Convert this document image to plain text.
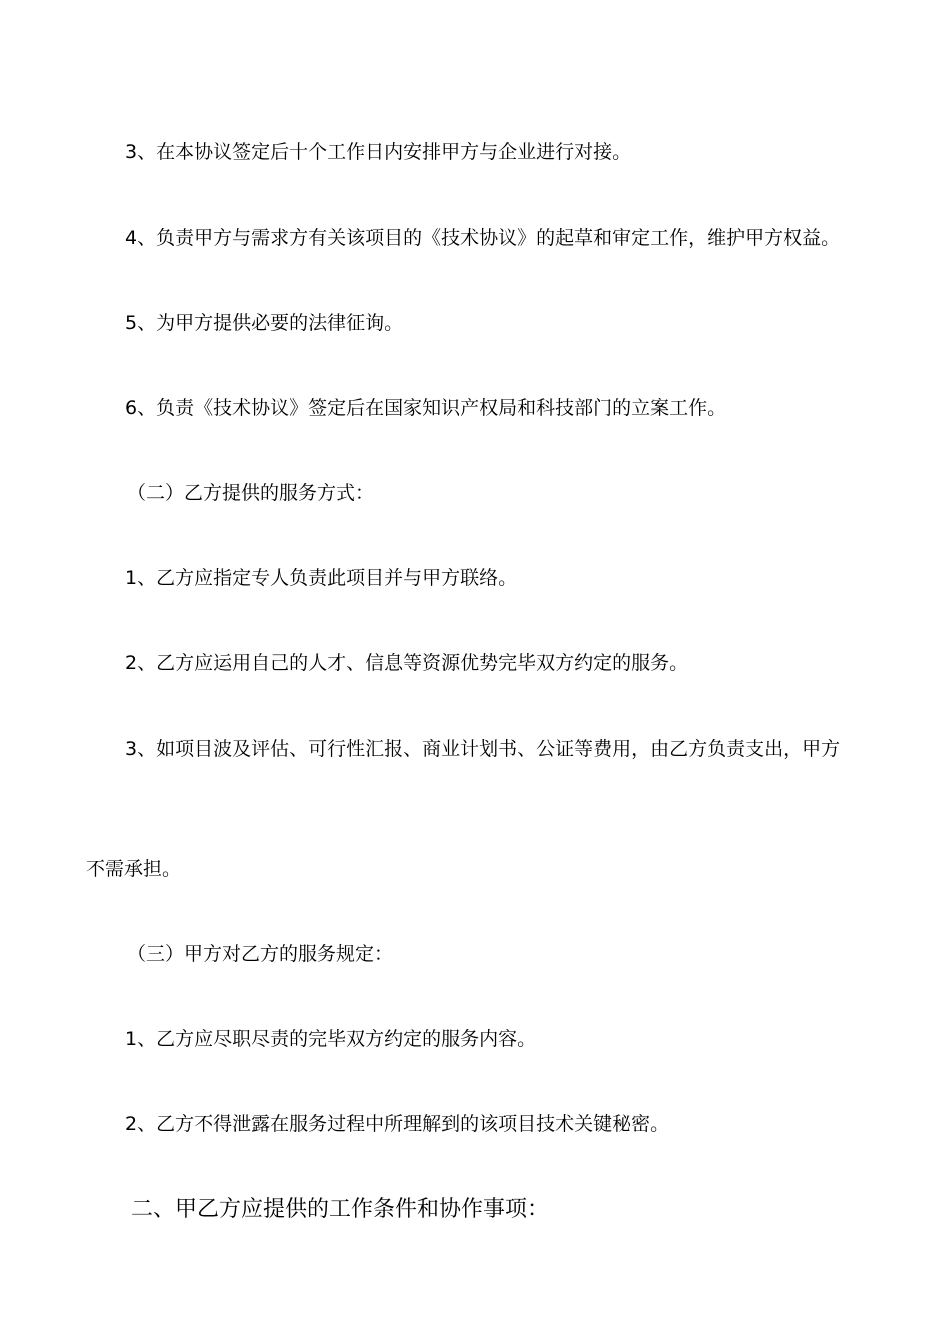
3、在本协议签定后十个工作日内安排甲方与企业进行对接。

4、负责甲方与需求方有关该项目的《技术协议》的起草和审定工作，维护甲方权益。

5、为甲方提供必要的法律征询。

6、负责《技术协议》签定后在国家知识产权局和科技部门的立案工作。

（二）乙方提供的服务方式：

1、乙方应指定专人负责此项目并与甲方联络。

2、乙方应运用自己的人才、信息等资源优势完毕双方约定的服务。

3、如项目波及评估、可行性汇报、商业计划书、公证等费用，由乙方负责支出，甲方

不需承担。

（三）甲方对乙方的服务规定：

1、乙方应尽职尽责的完毕双方约定的服务内容。

2、乙方不得泄露在服务过程中所理解到的该项目技术关键秘密。

二、甲乙方应提供的工作条件和协作事项：
